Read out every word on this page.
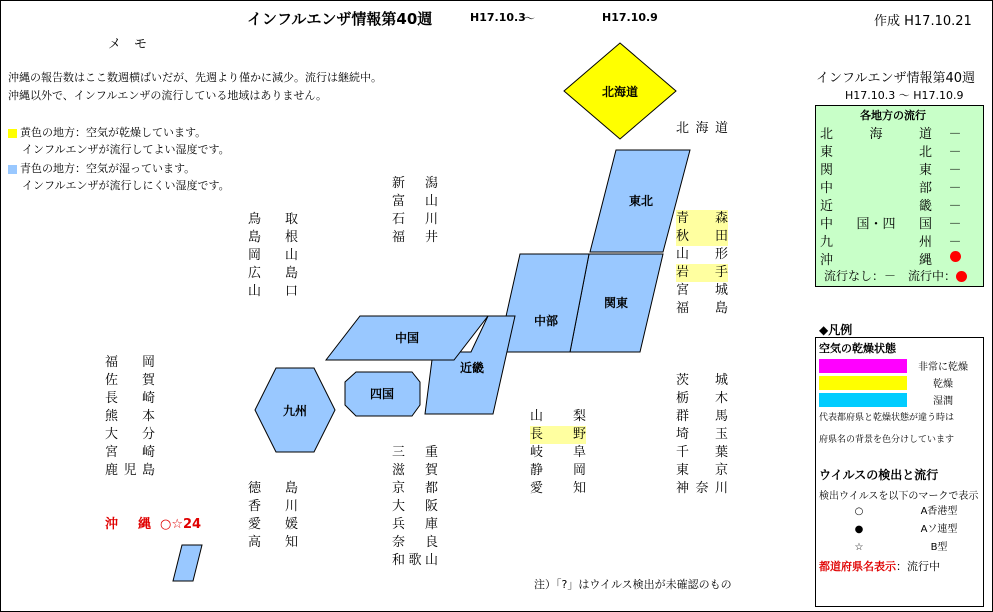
インフルエンザ情報第40週	H17.10.3
～	H17.10.9	作成 H17.10.21
メ　モ
沖縄の報告数はここ数週横ばいだが、先週より僅かに減少。流行は継続中。
沖縄以外で、インフルエンザの流行している地域はありません。
黄色の地方：空気が乾燥しています。
インフルエンザが流行してよい湿度です。
青色の地方：空気が湿っています。
インフルエンザが流行しにくい湿度です。
北海道
東北
関東
中部
近畿
中国
四国
九州
北 海 道
青 森
秋 田
山 形
岩 手
宮 城
福 島
新 潟
富 山
石 川
福 井
鳥 取
島 根
岡 山
広 島
山 口
福 岡
佐 賀
長 崎
熊 本
大 分
宮 崎
鹿 児 島
茨 城
栃 木
群 馬
埼 玉
千 葉
東 京
神 奈 川
山 梨
長 野
岐 阜
静 岡
愛 知
三 重
滋 賀
京 都
大 阪
兵 庫
奈 良
和 歌 山
徳 島
香 川
愛 媛
高 知
沖 縄 ○☆24
注）「?」はウイルス検出が未確認のもの
インフルエンザ情報第40週
H17.10.3 ～ H17.10.9
各地方の流行
北	海	道	－
東	北	－
関	東	－
中	部	－
近	畿	－
中 国・四 国	－
九	州	－
沖	縄
流行なし：－　 流行中：
◆凡例
空気の乾燥状態
非常に乾燥
乾燥
湿潤
代表都府県と乾燥状態が違う時は
府県名の背景を色分けしています
ウイルスの検出と流行
検出ウイルスを以下のマークで表示
○	A香港型
●	Aソ連型
☆	B型
都道府県名表示：流行中
